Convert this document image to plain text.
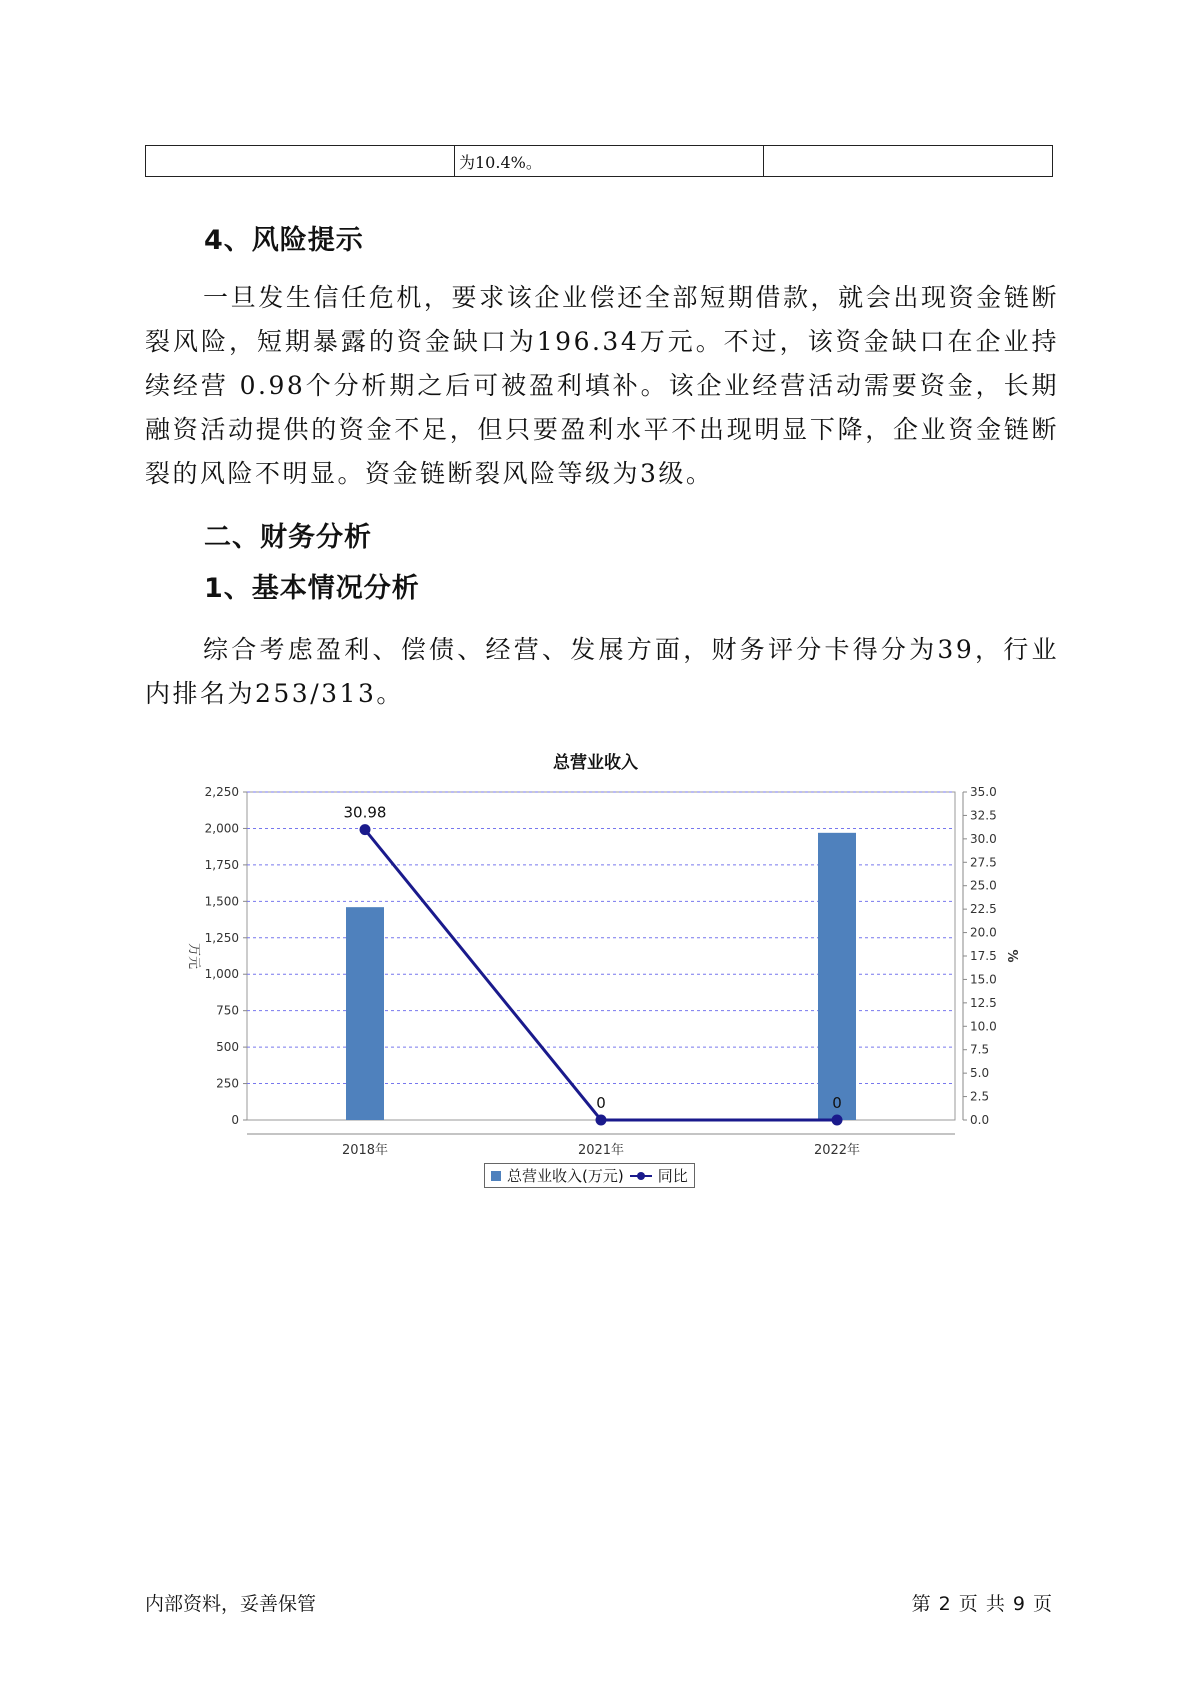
	为10.4%。	
4、风险提示

一旦发生信任危机，要求该企业偿还全部短期借款，就会出现资金链断裂风险，短期暴露的资金缺口为196.34万元。不过，该资金缺口在企业持续经营 0.98个分析期之后可被盈利填补。该企业经营活动需要资金，长期融资活动提供的资金不足，但只要盈利水平不出现明显下降，企业资金链断裂的风险不明显。资金链断裂风险等级为3级。

二、财务分析
1、基本情况分析

综合考虑盈利、偿债、经营、发展方面，财务评分卡得分为39，行业内排名为253/313。

总营业收入
0
250
500
750
1,000
1,250
1,500
1,750
2,000
2,250
0.0
2.5
5.0
7.5
10.0
12.5
15.0
17.5
20.0
22.5
25.0
27.5
30.0
32.5
35.0
万元	%
2018年	2021年	2022年
30.98
0	0
总营业收入(万元) 同比
内部资料，妥善保管	第 2 页 共 9 页
